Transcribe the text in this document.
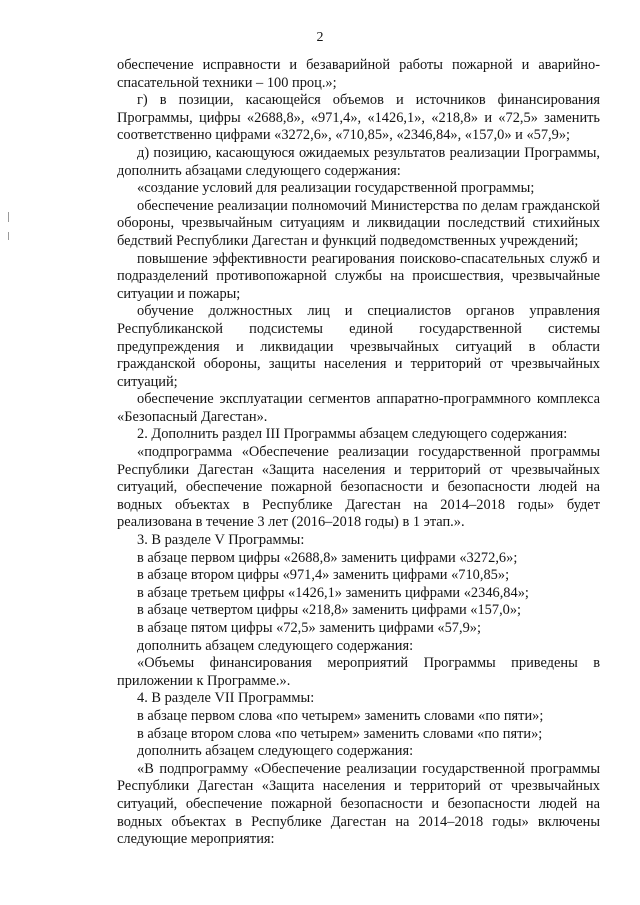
2

обеспечение исправности и безаварийной работы пожарной и аварийно-спасательной техники – 100 проц.»;

г) в позиции, касающейся объемов и источников финансирования Программы, цифры «2688,8», «971,4», «1426,1», «218,8» и «72,5» заменить соответственно цифрами «3272,6», «710,85», «2346,84», «157,0» и «57,9»;

д) позицию, касающуюся ожидаемых результатов реализации Программы, дополнить абзацами следующего содержания:

«создание условий для реализации государственной программы;

обеспечение реализации полномочий Министерства по делам гражданской обороны, чрезвычайным ситуациям и ликвидации последствий стихийных бедствий Республики Дагестан и функций подведомственных учреждений;

повышение эффективности реагирования поисково-спасательных служб и подразделений противопожарной службы на происшествия, чрезвычайные ситуации и пожары;

обучение должностных лиц и специалистов органов управления Республиканской подсистемы единой государственной системы предупреждения и ликвидации чрезвычайных ситуаций в области гражданской обороны, защиты населения и территорий от чрезвычайных ситуаций;

обеспечение эксплуатации сегментов аппаратно-программного комплекса «Безопасный Дагестан».

2. Дополнить раздел III Программы абзацем следующего содержания:

«подпрограмма «Обеспечение реализации государственной программы Республики Дагестан «Защита населения и территорий от чрезвычайных ситуаций, обеспечение пожарной безопасности и безопасности людей на водных объектах в Республике Дагестан на 2014–2018 годы» будет реализована в течение 3 лет (2016–2018 годы) в 1 этап.».

3. В разделе V Программы:

в абзаце первом цифры «2688,8» заменить цифрами «3272,6»;

в абзаце втором цифры «971,4» заменить цифрами «710,85»;

в абзаце третьем цифры «1426,1» заменить цифрами «2346,84»;

в абзаце четвертом цифры «218,8» заменить цифрами «157,0»;

в абзаце пятом цифры «72,5» заменить цифрами «57,9»;

дополнить абзацем следующего содержания:

«Объемы финансирования мероприятий Программы приведены в приложении к Программе.».

4. В разделе VII Программы:

в абзаце первом слова «по четырем» заменить словами «по пяти»;

в абзаце втором слова «по четырем» заменить словами «по пяти»;

дополнить абзацем следующего содержания:

«В подпрограмму «Обеспечение реализации государственной программы Республики Дагестан «Защита населения и территорий от чрезвычайных ситуаций, обеспечение пожарной безопасности и безопасности людей на водных объектах в Республике Дагестан на 2014–2018 годы» включены следующие мероприятия:
